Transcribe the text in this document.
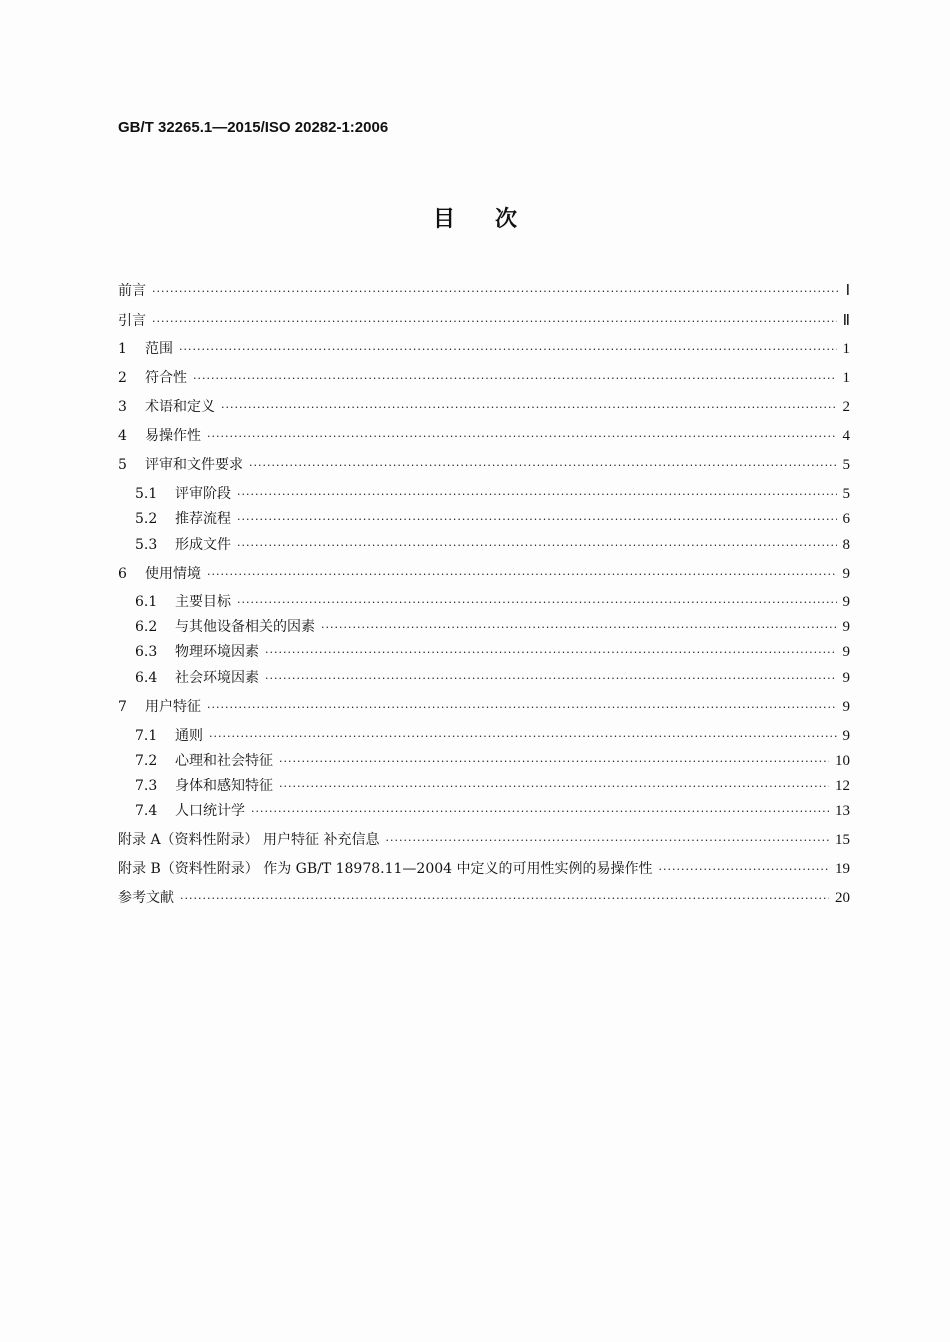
GB/T 32265.1—2015/ISO 20282-1:2006
目次
前言 ·····	Ⅰ
引言 ·····	Ⅱ
1	范围 ·····	1
2	符合性 ·····	1
3	术语和定义 ·····	2
4	易操作性 ·····	4
5	评审和文件要求 ·····	5
5.1	评审阶段 ·····	5
5.2	推荐流程 ·····	6
5.3	形成文件 ·····	8
6	使用情境 ·····	9
6.1	主要目标 ·····	9
6.2	与其他设备相关的因素 ·····	9
6.3	物理环境因素 ·····	9
6.4	社会环境因素 ·····	9
7	用户特征 ·····	9
7.1	通则 ·····	9
7.2	心理和社会特征 ·····	10
7.3	身体和感知特征 ·····	12
7.4	人口统计学 ·····	13
附录 A（资料性附录） 用户特征 补充信息 ·····	15
附录 B（资料性附录） 作为 GB/T 18978.11—2004 中定义的可用性实例的易操作性 ·····	19
参考文献 ·····	20
